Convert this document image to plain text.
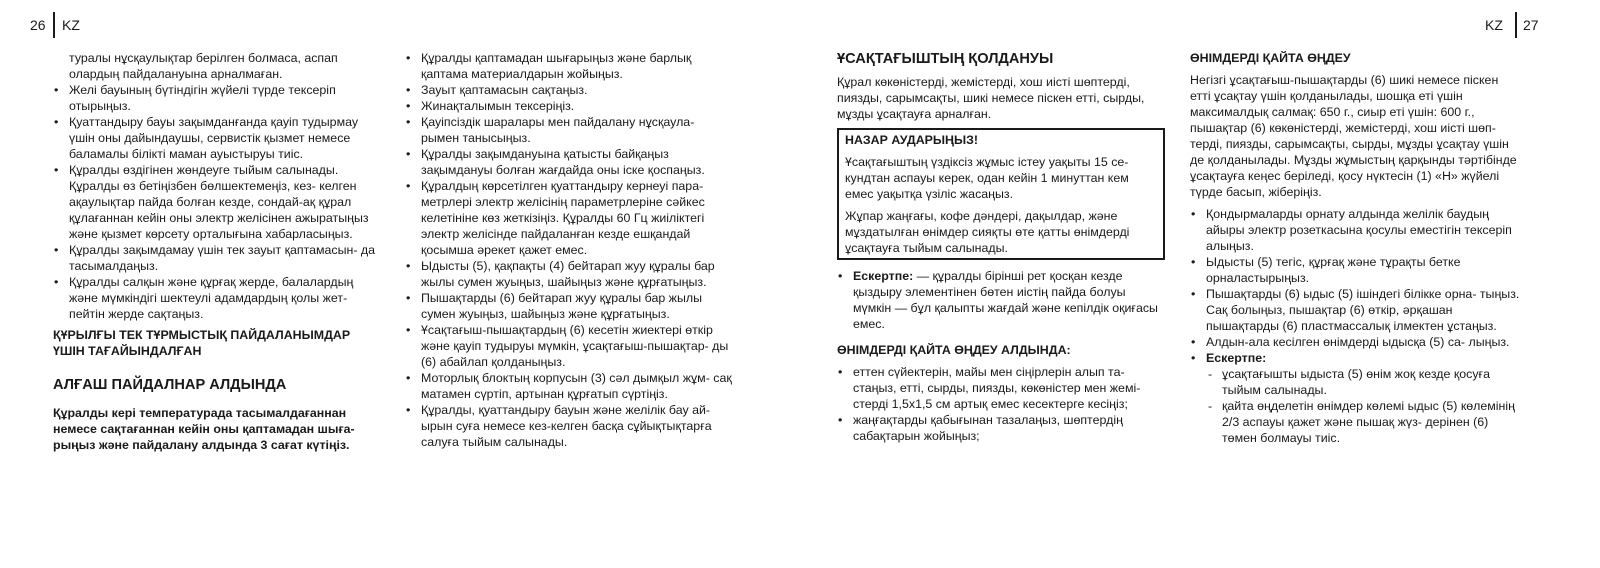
26 KZ	KZ 27

туралы нұсқаулықтар берілген болмаса, аспап олардың пайдалануына арналмаған.

• Желі бауының бүтіндігін жүйелі түрде тексеріп отырыңыз.
• Қуаттандыру бауы зақымданғанда қауіп тудырмау үшін оны дайындаушы, сервистік қызмет немесе баламалы білікті маман ауыстыруы тиіс.
• Құралды өздігінен жөндеуге тыйым салынады. Құралды өз бетіңізбен бөлшектемеңіз, кез- келген ақаулықтар пайда болған кезде, сондай-ақ құрал құлағаннан кейін оны электр желісінен ажыратыңыз және қызмет көрсету орталығына хабарласыңыз.
• Құралды зақымдамау үшін тек зауыт қаптамасын- да тасымалдаңыз.
• Құралды салқын және құрғақ жерде, балалардың және мүмкіндігі шектеулі адамдардың қолы жет- пейтін жерде сақтаңыз.

ҚҰРЫЛҒЫ ТЕК ТҰРМЫСТЫҚ ПАЙДАЛАНЫМДАР ҮШІН ТАҒАЙЫНДАЛҒАН

АЛҒАШ ПАЙДАЛНАР АЛДЫНДА

Құралды кері температурада тасымалдағаннан немесе сақтағаннан кейін оны қаптамадан шыға- рыңыз және пайдалану алдында 3 сағат күтіңіз.

• Құралды қаптамадан шығарыңыз және барлық қаптама материалдарын жойыңыз.
• Зауыт қаптамасын сақтаңыз.
• Жинақталымын тексеріңіз.
• Қауіпсіздік шаралары мен пайдалану нұсқаула- рымен танысыңыз.
• Құралды зақымдануына қатысты байқаңыз зақымдануы болған жағдайда оны іске қоспаңыз.
• Құралдың көрсетілген қуаттандыру кернеуі пара- метрлері электр желісінің параметрлеріне сәйкес келетініне көз жеткізіңіз. Құралды 60 Гц жиіліктегі электр желісінде пайдаланған кезде ешқандай қосымша әрекет қажет емес.
• Ыдысты (5), қақпақты (4) бейтарап жуу құралы бар жылы сумен жуыңыз, шайыңыз және құрғатыңыз.
• Пышақтарды (6) бейтарап жуу құралы бар жылы сумен жуыңыз, шайыңыз және құрғатыңыз.
• Ұсақтағыш-пышақтардың (6) кесетін жиектері өткір және қауіп тудыруы мүмкін, ұсақтағыш-пышақтар- ды (6) абайлап қолданыңыз.
• Моторлық блоктың корпусын (3) сәл дымқыл жұм- сақ матамен сүртіп, артынан құрғатып сүртіңіз.
• Құралды, қуаттандыру бауын және желілік бау ай- ырын суға немесе кез-келген басқа сұйықтықтарға салуға тыйым салынады.

ҰСАҚТАҒЫШТЫҢ ҚОЛДАНУЫ

Құрал көкөністерді, жемістерді, хош иісті шөптерді, пиязды, сарымсақты, шикі немесе піскен етті, сырды, мұзды ұсақтауға арналған.

НАЗАР АУДАРЫҢЫЗ!

Ұсақтағыштың үздіксіз жұмыс істеу уақыты 15 се- кундтан аспауы керек, одан кейін 1 минуттан кем емес уақытқа үзіліс жасаңыз.

Жұпар жаңғағы, кофе дәндері, дақылдар, және мұздатылған өнімдер сияқты өте қатты өнімдерді ұсақтауға тыйым салынады.

• Ескертпе: — құралды бірінші рет қосқан кезде қыздыру элементінен бөтен иістің пайда болуы мүмкін — бұл қалыпты жағдай және кепілдік оқиғасы емес.

ӨНІМДЕРДІ ҚАЙТА ӨҢДЕУ АЛДЫНДА:

• еттен сүйектерін, майы мен сіңірлерін алып та- стаңыз, етті, сырды, пиязды, көкөністер мен жемі- стерді 1,5х1,5 см артық емес кесектерге кесіңіз;
• жаңғақтарды қабығынан тазалаңыз, шөптердің сабақтарын жойыңыз;

ӨНІМДЕРДІ ҚАЙТА ӨҢДЕУ

Негізгі ұсақтағыш-пышақтарды (6) шикі немесе піскен етті ұсақтау үшін қолданылады, шошқа еті үшін максималдық салмақ: 650 г., сиыр еті үшін: 600 г., пышақтар (6) көкөністерді, жемістерді, хош иісті шөп- терді, пиязды, сарымсақты, сырды, мұзды ұсақтау үшін де қолданылады. Мұзды жұмыстың қарқынды тәртібінде ұсақтауға кеңес беріледі, қосу нүктесін (1) «Н» жүйелі түрде басып, жіберіңіз.

• Қондырмаларды орнату алдында желілік баудың айыры электр розеткасына қосулы еместігін тексеріп алыңыз.
• Ыдысты (5) тегіс, құрғақ және тұрақты бетке орналастырыңыз.
• Пышақтарды (6) ыдыс (5) ішіндегі білікке орна- тыңыз. Сақ болыңыз, пышақтар (6) өткір, әрқашан пышақтарды (6) пластмассалық ілмектен ұстаңыз.
• Алдын-ала кесілген өнімдерді ыдысқа (5) са- лыңыз.
• Ескертпе:
- ұсақтағышты ыдыста (5) өнім жоқ кезде қосуға тыйым салынады.
- қайта өңделетін өнімдер көлемі ыдыс (5) көлемінің 2/3 аспауы қажет және пышақ жүз- дерінен (6) төмен болмауы тиіс.
